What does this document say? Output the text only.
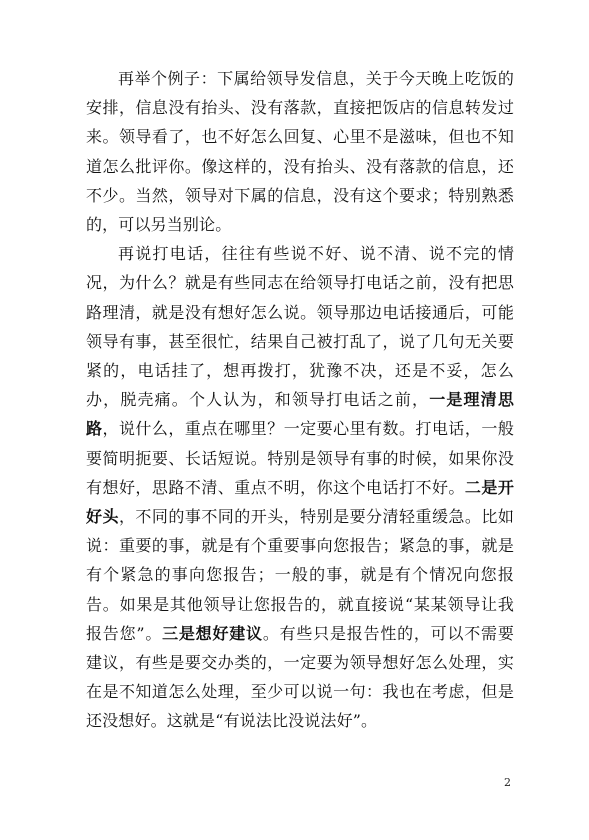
再举个例子：下属给领导发信息，关于今天晚上吃饭的安排，信息没有抬头、没有落款，直接把饭店的信息转发过来。领导看了，也不好怎么回复、心里不是滋味，但也不知道怎么批评你。像这样的，没有抬头、没有落款的信息，还不少。当然，领导对下属的信息，没有这个要求；特别熟悉的，可以另当别论。

再说打电话，往往有些说不好、说不清、说不完的情况，为什么？就是有些同志在给领导打电话之前，没有把思路理清，就是没有想好怎么说。领导那边电话接通后，可能领导有事，甚至很忙，结果自己被打乱了，说了几句无关要紧的，电话挂了，想再拨打，犹豫不决，还是不妥，怎么办，脱壳痛。个人认为，和领导打电话之前，一是理清思路，说什么，重点在哪里？一定要心里有数。打电话，一般要简明扼要、长话短说。特别是领导有事的时候，如果你没有想好，思路不清、重点不明，你这个电话打不好。二是开好头，不同的事不同的开头，特别是要分清轻重缓急。比如说：重要的事，就是有个重要事向您报告；紧急的事，就是有个紧急的事向您报告；一般的事，就是有个情况向您报告。如果是其他领导让您报告的，就直接说“某某领导让我报告您”。三是想好建议。有些只是报告性的，可以不需要建议，有些是要交办类的，一定要为领导想好怎么处理，实在是不知道怎么处理，至少可以说一句：我也在考虑，但是还没想好。这就是“有说法比没说法好”。

2
